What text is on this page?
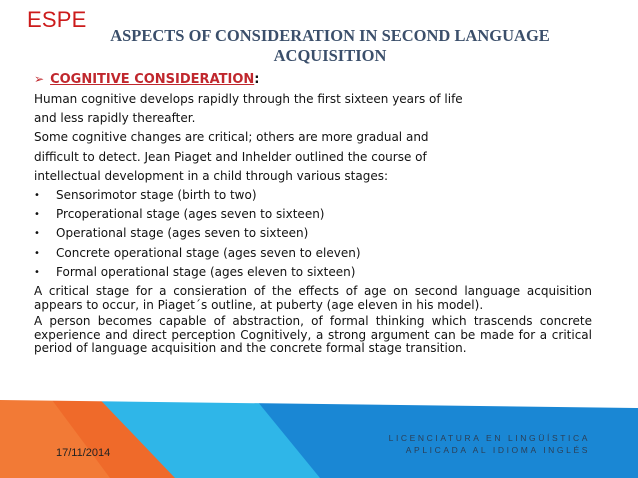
ESPE
ASPECTS OF CONSIDERATION IN SECOND LANGUAGE
ACQUISITION
➢ COGNITIVE CONSIDERATION:

Human cognitive develops rapidly through the first sixteen years of life

and less rapidly thereafter.

Some cognitive changes are critical; others are more gradual and

difficult to detect. Jean Piaget and Inhelder outlined the course of

intellectual development in a child through various stages:

• Sensorimotor stage (birth to two)
• Prcoperational stage (ages seven to sixteen)
• Operational stage (ages seven to sixteen)
• Concrete operational stage (ages seven to eleven)
• Formal operational stage (ages eleven to sixteen)

A critical stage for a consieration of the effects of age on second language acquisition appears to occur, in Piaget´s outline, at puberty (age eleven in his model).

A person becomes capable of abstraction, of formal thinking which trascends concrete experience and direct perception Cognitively, a strong argument can be made for a critical period of language acquisition and the concrete formal stage transition.

17/11/2014
LICENCIATURA EN LINGÜÍSTICA
APLICADA AL IDIOMA INGLÉS
